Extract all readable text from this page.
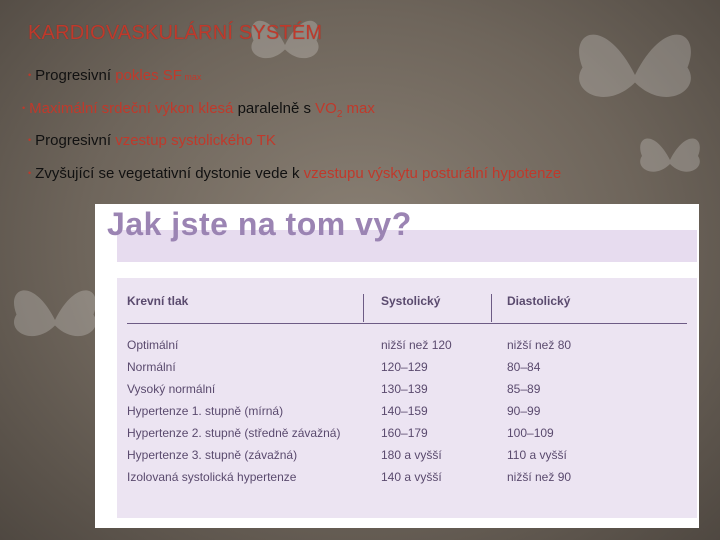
KARDIOVASKULÁRNÍ SYSTÉM
• Progresivní pokles SF max
• Maximální srdeční výkon klesá paralelně s $VO_2$ max
• Progresivní vzestup systolického TK
• Zvyšující se vegetativní dystonie vede k vzestupu výskytu posturální hypotenze
Jak jste na tom vy?
Krevní tlak	Systolický	Diastolický
Optimální	nižší než 120	nižší než 80
Normální	120–129	80–84
Vysoký normální	130–139	85–89
Hypertenze 1. stupně (mírná)	140–159	90–99
Hypertenze 2. stupně (středně závažná)	160–179	100–109
Hypertenze 3. stupně (závažná)	180 a vyšší	110 a vyšší
Izolovaná systolická hypertenze	140 a vyšší	nižší než 90
